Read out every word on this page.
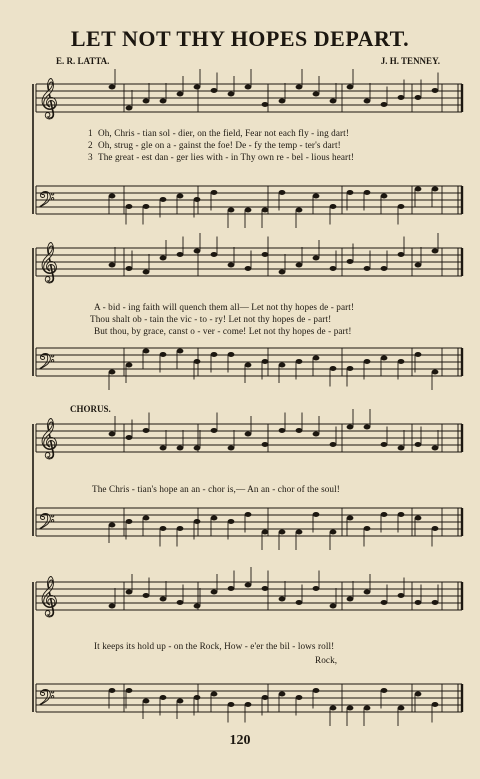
LET NOT THY HOPES DEPART.
E. R. LATTA.	J. H. TENNEY.
𝄞
𝄢
𝄞
𝄢
𝄞
𝄢
𝄞
𝄢
1 Oh, Chris - tian sol - dier, on the field, Fear not each fly - ing dart!
2 Oh, strug - gle on a - gainst the foe! De - fy the temp - ter's dart!
3 The great - est dan - ger lies with - in Thy own re - bel - lious heart!
A - bid - ing faith will quench them all— Let not thy hopes de - part!
Thou shalt ob - tain the vic - to - ry! Let not thy hopes de - part!
But thou, by grace, canst o - ver - come! Let not thy hopes de - part!
CHORUS.
The Chris - tian's hope an an - chor is,— An an - chor of the soul!
It keeps its hold up - on the Rock, How - e'er the bil - lows roll!
Rock,
120
